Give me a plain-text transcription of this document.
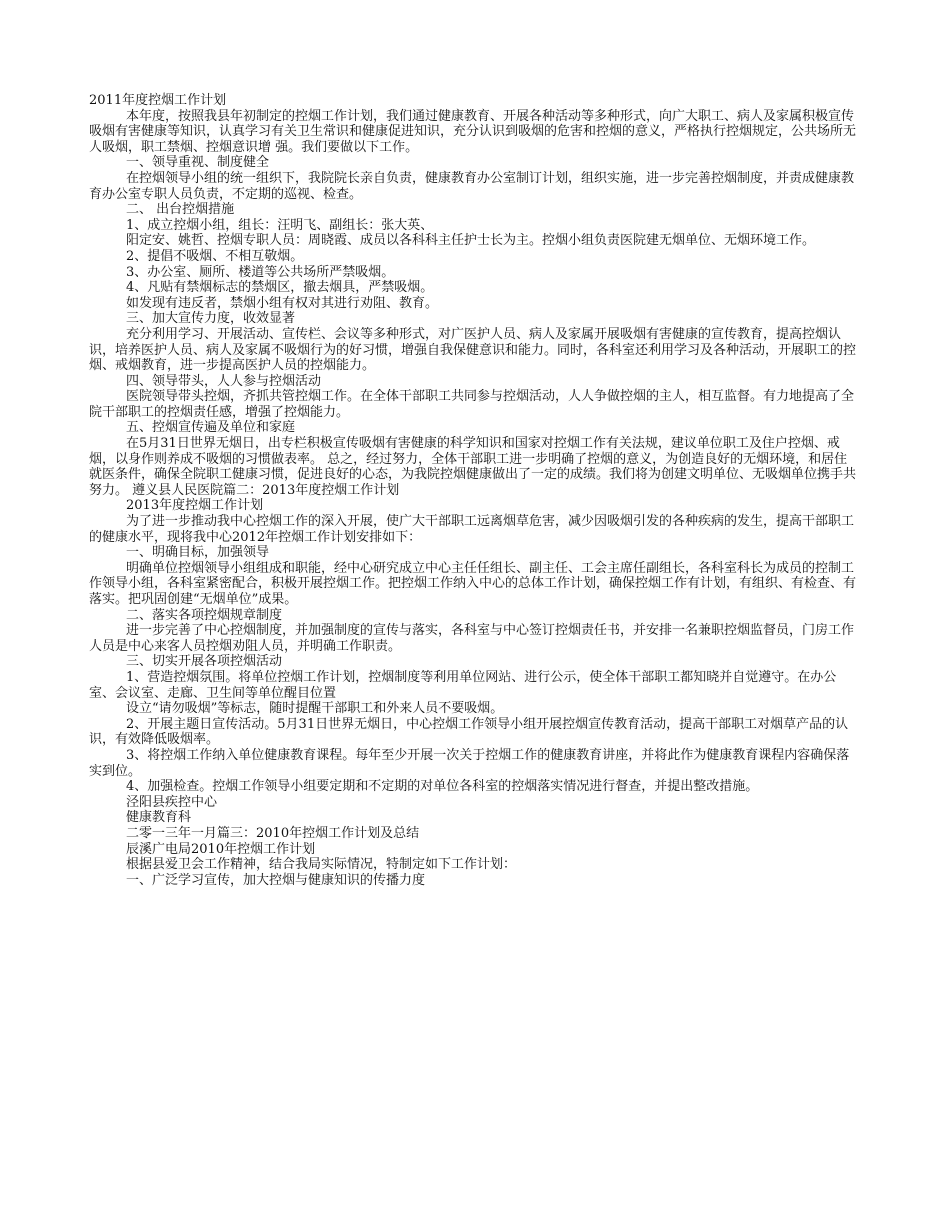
2011年度控烟工作计划

本年度，按照我县年初制定的控烟工作计划，我们通过健康教育、开展各种活动等多种形式，向广大职工、病人及家属积极宣传吸烟有害健康等知识，认真学习有关卫生常识和健康促进知识，充分认识到吸烟的危害和控烟的意义，严格执行控烟规定，公共场所无人吸烟，职工禁烟、控烟意识增 强。我们要做以下工作。

一、领导重视、制度健全

在控烟领导小组的统一组织下，我院院长亲自负责，健康教育办公室制订计划，组织实施，进一步完善控烟制度，并责成健康教育办公室专职人员负责，不定期的巡视、检查。

二、 出台控烟措施

1、成立控烟小组，组长：汪明飞、副组长：张大英、

阳定安、姚哲、控烟专职人员：周晓霞、成员以各科科主任护士长为主。控烟小组负责医院建无烟单位、无烟环境工作。

2、提倡不吸烟、不相互敬烟。

3、办公室、厕所、楼道等公共场所严禁吸烟。

4、凡贴有禁烟标志的禁烟区，撤去烟具，严禁吸烟。

如发现有违反者，禁烟小组有权对其进行劝阻、教育。

三、加大宣传力度，收效显著

充分利用学习、开展活动、宣传栏、会议等多种形式，对广医护人员、病人及家属开展吸烟有害健康的宣传教育，提高控烟认识，培养医护人员、病人及家属不吸烟行为的好习惯，增强自我保健意识和能力。同时，各科室还利用学习及各种活动，开展职工的控烟、戒烟教育，进一步提高医护人员的控烟能力。

四、领导带头，人人参与控烟活动

医院领导带头控烟，齐抓共管控烟工作。在全体干部职工共同参与控烟活动，人人争做控烟的主人，相互监督。有力地提高了全院干部职工的控烟责任感，增强了控烟能力。

五、控烟宣传遍及单位和家庭

在5月31日世界无烟日，出专栏积极宣传吸烟有害健康的科学知识和国家对控烟工作有关法规，建议单位职工及住户控烟、戒烟，以身作则养成不吸烟的习惯做表率。 总之，经过努力，全体干部职工进一步明确了控烟的意义，为创造良好的无烟环境，和居住就医条件，确保全院职工健康习惯，促进良好的心态，为我院控烟健康做出了一定的成绩。我们将为创建文明单位、无吸烟单位携手共努力。 遵义县人民医院篇二：2013年度控烟工作计划

2013年度控烟工作计划

为了进一步推动我中心控烟工作的深入开展，使广大干部职工远离烟草危害，减少因吸烟引发的各种疾病的发生，提高干部职工的健康水平，现将我中心2012年控烟工作计划安排如下：

一、明确目标，加强领导

明确单位控烟领导小组组成和职能，经中心研究成立中心主任任组长、副主任、工会主席任副组长，各科室科长为成员的控制工作领导小组，各科室紧密配合，积极开展控烟工作。把控烟工作纳入中心的总体工作计划，确保控烟工作有计划，有组织、有检查、有落实。把巩固创建“无烟单位”成果。

二、落实各项控烟规章制度

进一步完善了中心控烟制度，并加强制度的宣传与落实，各科室与中心签订控烟责任书，并安排一名兼职控烟监督员，门房工作人员是中心来客人员控烟劝阻人员，并明确工作职责。

三、切实开展各项控烟活动

1、营造控烟氛围。将单位控烟工作计划，控烟制度等利用单位网站、进行公示，使全体干部职工都知晓并自觉遵守。在办公室、会议室、走廊、卫生间等单位醒目位置

设立“请勿吸烟”等标志，随时提醒干部职工和外来人员不要吸烟。

2、开展主题日宣传活动。5月31日世界无烟日，中心控烟工作领导小组开展控烟宣传教育活动，提高干部职工对烟草产品的认识，有效降低吸烟率。

3、将控烟工作纳入单位健康教育课程。每年至少开展一次关于控烟工作的健康教育讲座，并将此作为健康教育课程内容确保落实到位。

4、加强检查。控烟工作领导小组要定期和不定期的对单位各科室的控烟落实情况进行督查，并提出整改措施。

泾阳县疾控中心

健康教育科

二零一三年一月篇三：2010年控烟工作计划及总结

辰溪广电局2010年控烟工作计划

根据县爱卫会工作精神，结合我局实际情况，特制定如下工作计划：

一、广泛学习宣传，加大控烟与健康知识的传播力度
